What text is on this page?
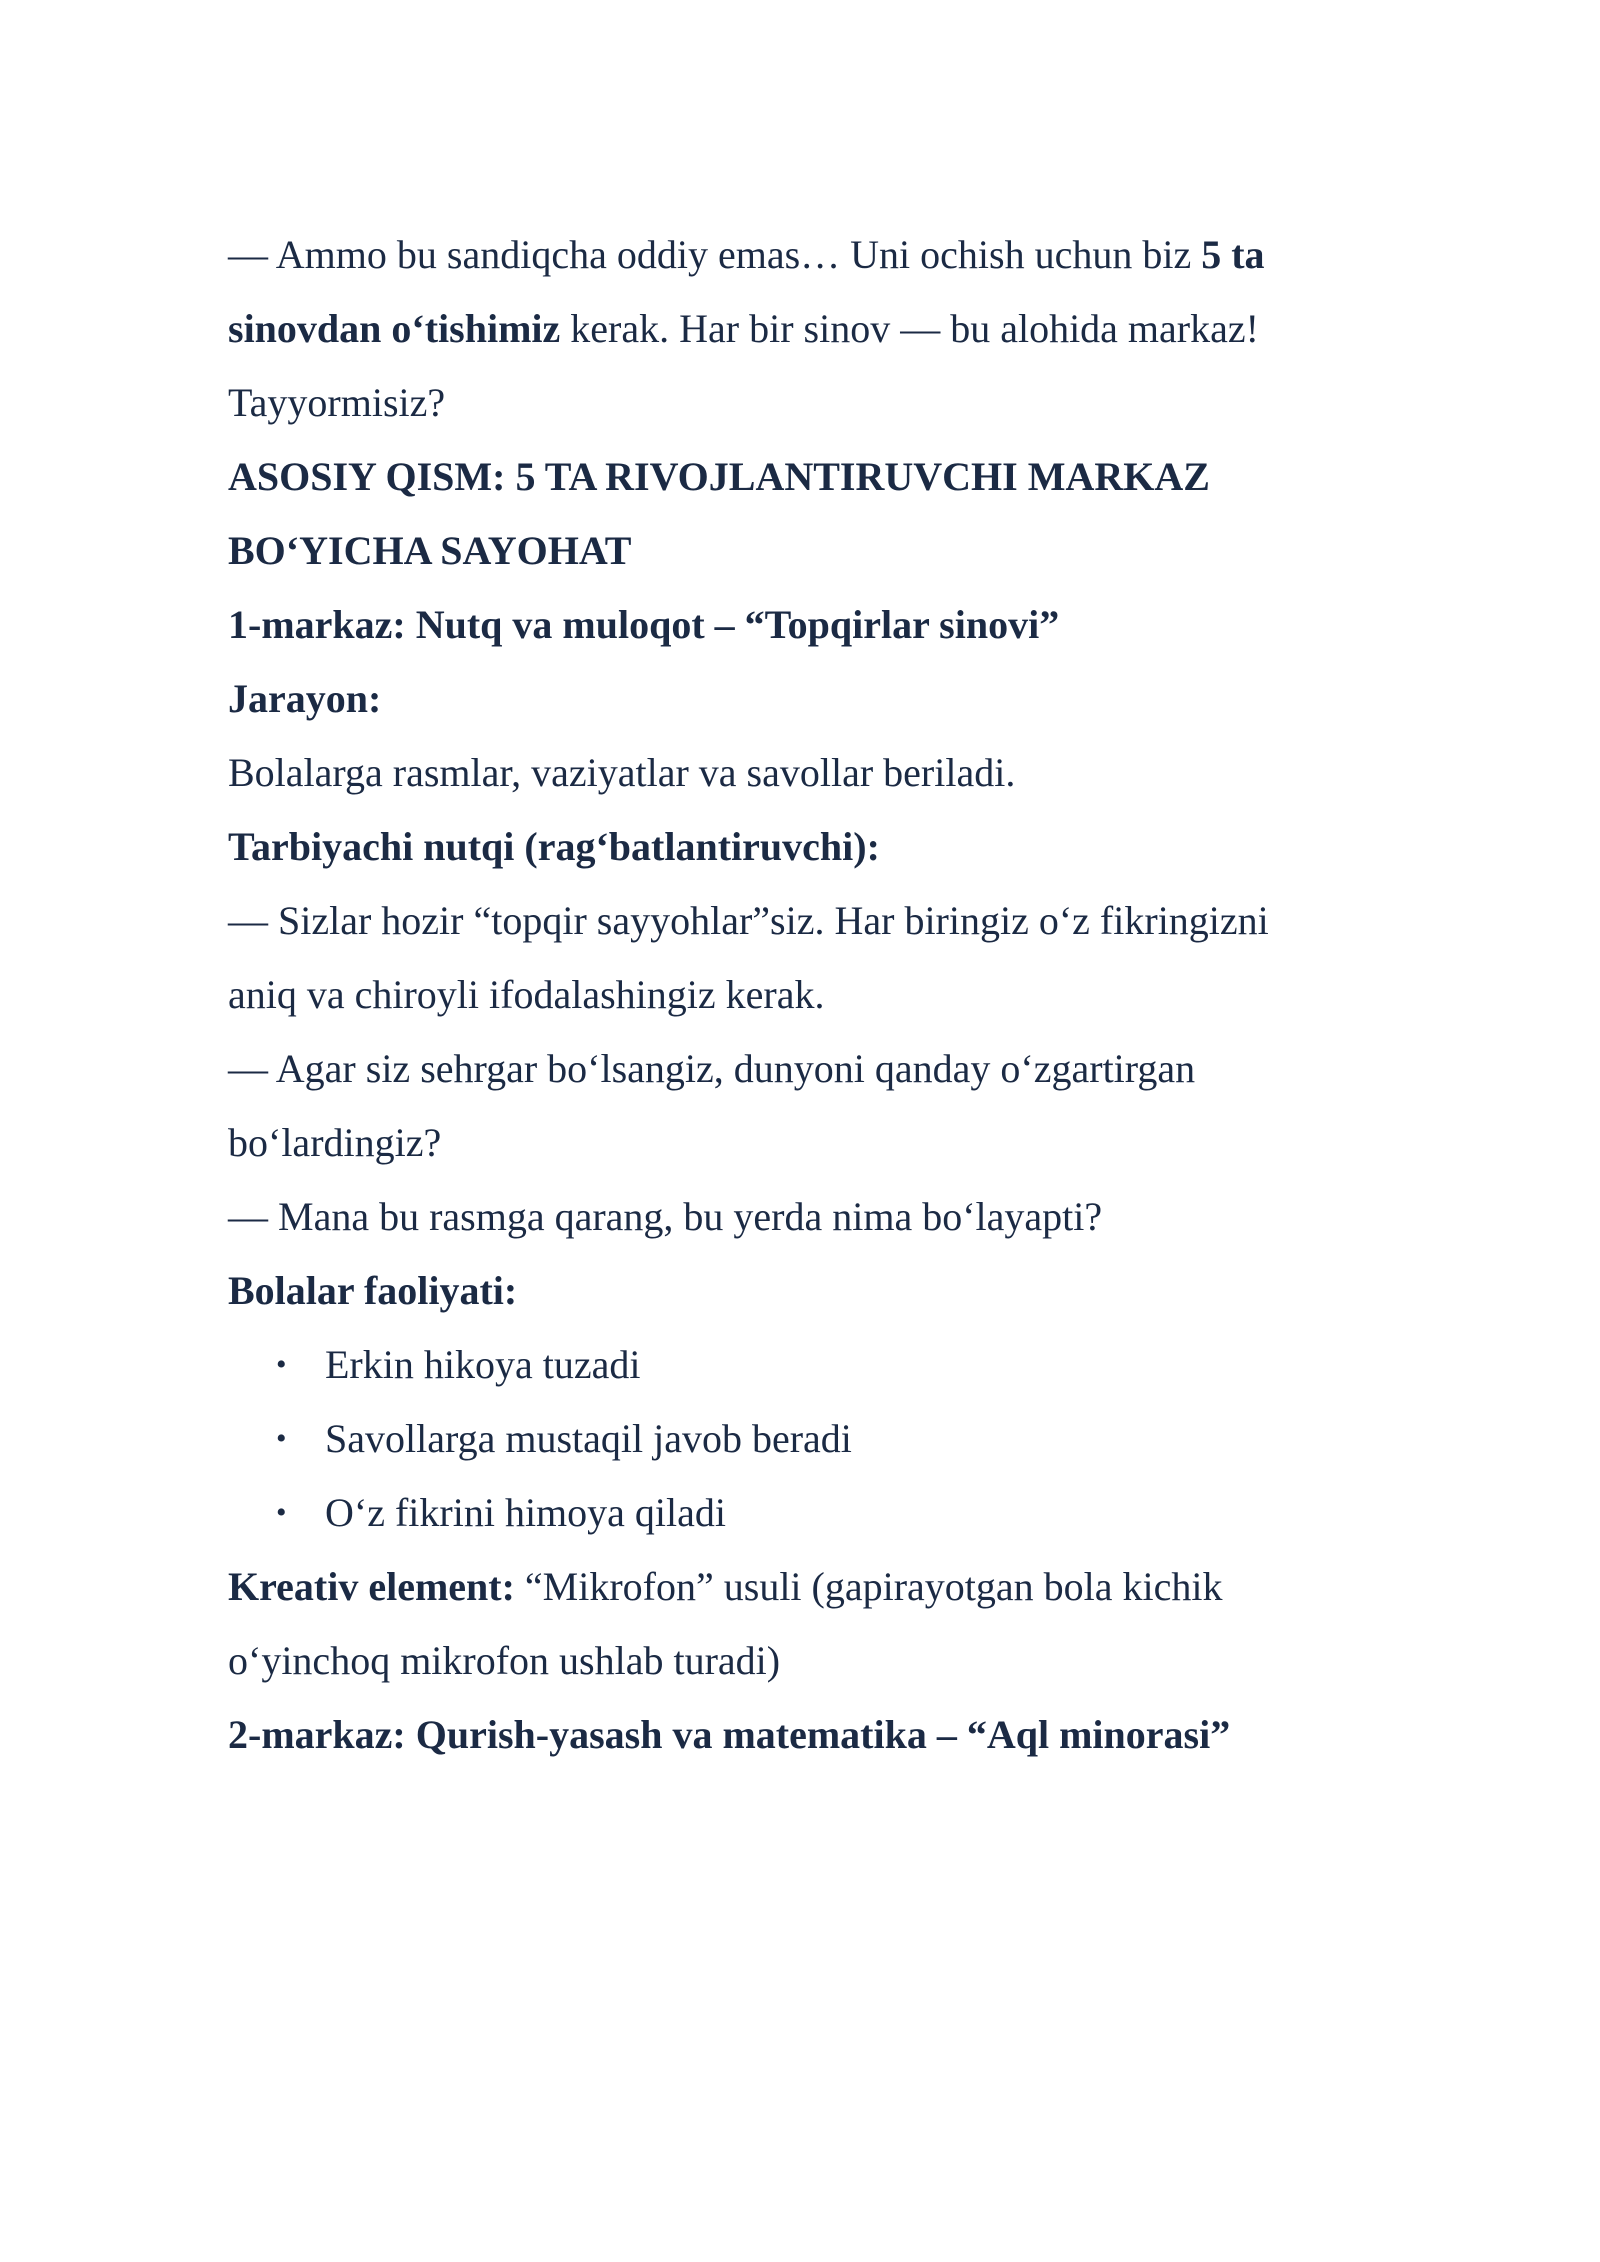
— Ammo bu sandiqcha oddiy emas… Uni ochish uchun biz 5 ta

sinovdan o‘tishimiz kerak. Har bir sinov — bu alohida markaz!

Tayyormisiz?

ASOSIY QISM: 5 TA RIVOJLANTIRUVCHI MARKAZ

BO‘YICHA SAYOHAT

1-markaz: Nutq va muloqot – “Topqirlar sinovi”

Jarayon:

Bolalarga rasmlar, vaziyatlar va savollar beriladi.

Tarbiyachi nutqi (rag‘batlantiruvchi):

— Sizlar hozir “topqir sayyohlar”siz. Har biringiz o‘z fikringizni

aniq va chiroyli ifodalashingiz kerak.

— Agar siz sehrgar bo‘lsangiz, dunyoni qanday o‘zgartirgan

bo‘lardingiz?

— Mana bu rasmga qarang, bu yerda nima bo‘layapti?

Bolalar faoliyati:

• Erkin hikoya tuzadi
• Savollarga mustaqil javob beradi
• O‘z fikrini himoya qiladi

Kreativ element: “Mikrofon” usuli (gapirayotgan bola kichik

o‘yinchoq mikrofon ushlab turadi)

2-markaz: Qurish-yasash va matematika – “Aql minorasi”
